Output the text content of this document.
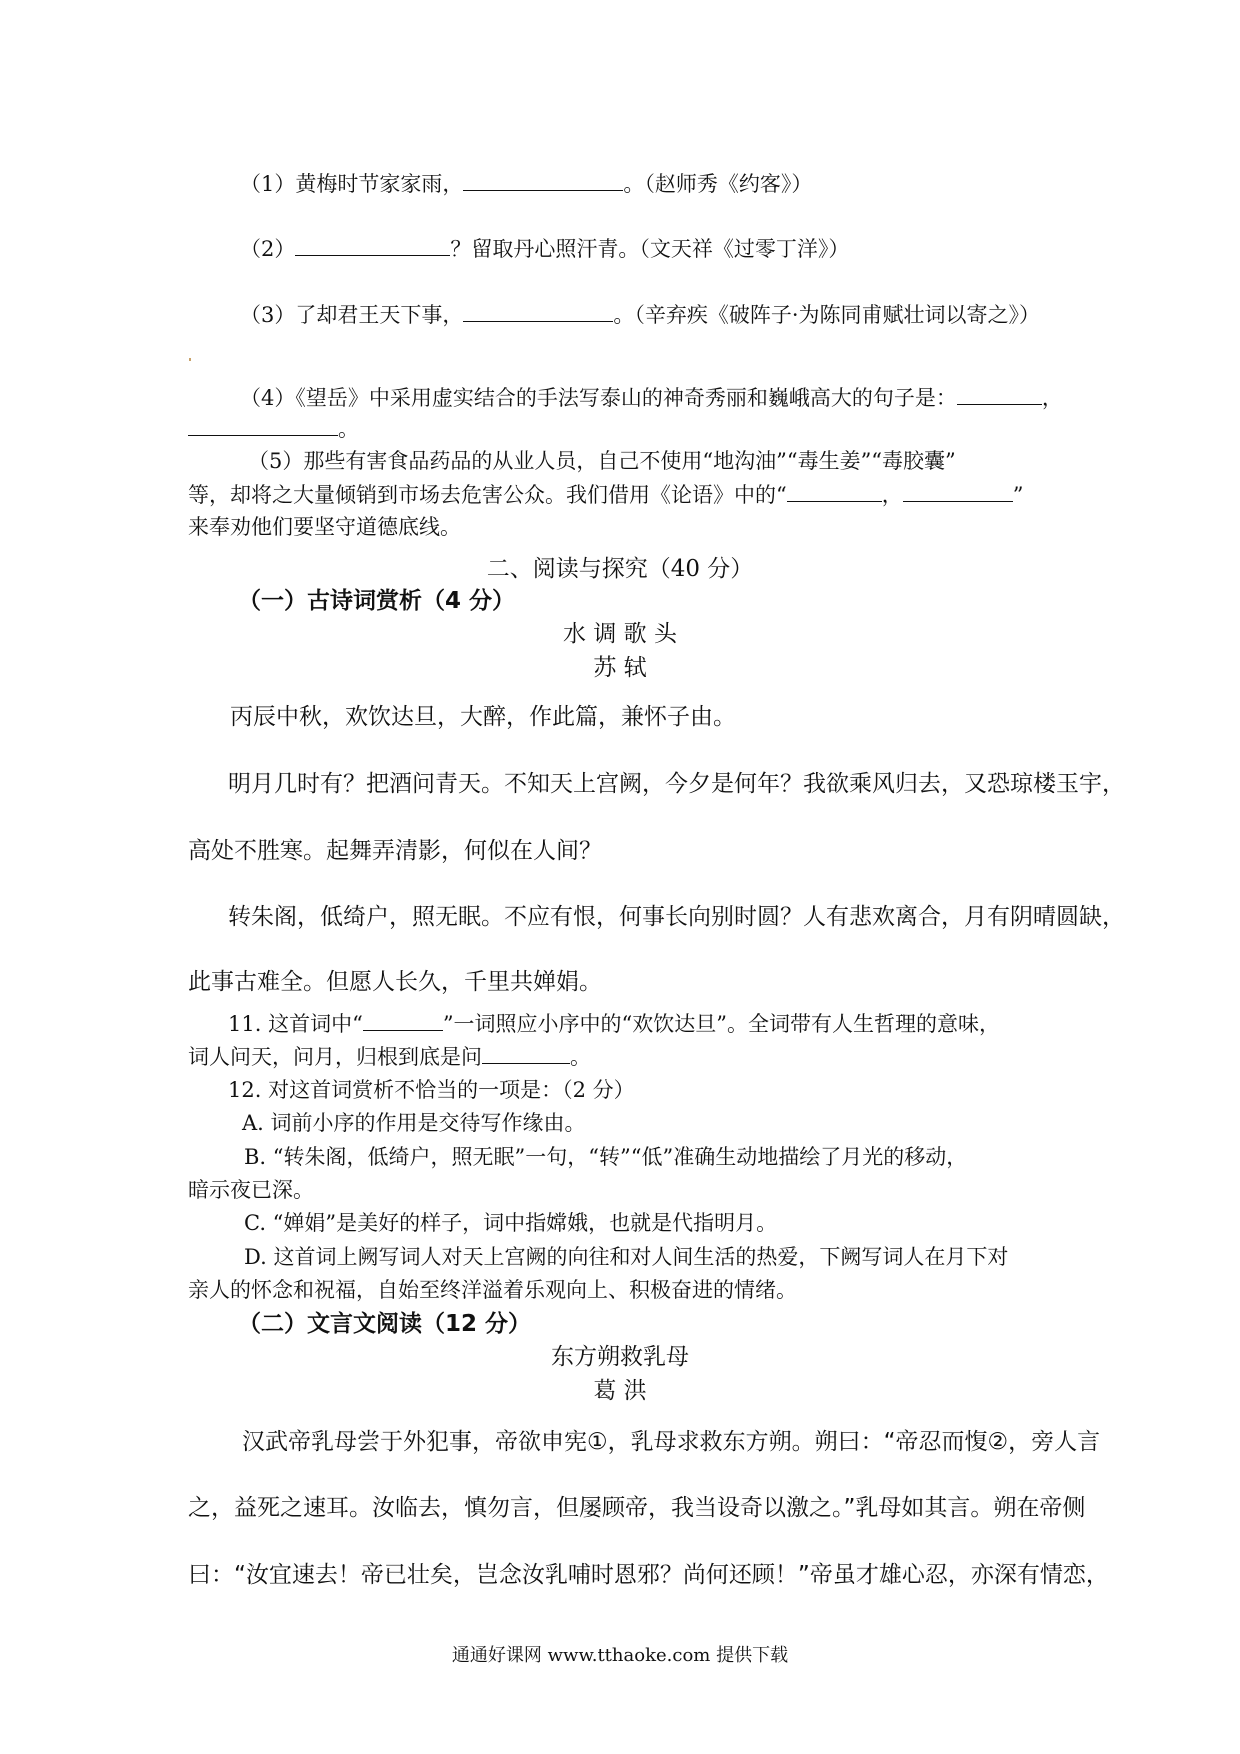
（1）黄梅时节家家雨，	。（赵师秀《约客》）
（2）	？留取丹心照汗青。（文天祥《过零丁洋》）
（3）了却君王天下事，	。（辛弃疾《破阵子·为陈同甫赋壮词以寄之》）
（4）《望岳》中采用虚实结合的手法写泰山的神奇秀丽和巍峨高大的句子是：	，
。
（5）那些有害食品药品的从业人员，自己不使用“地沟油”“毒生姜”“毒胶囊”
等，却将之大量倾销到市场去危害公众。我们借用《论语》中的“	，	”
来奉劝他们要坚守道德底线。
二、阅读与探究（40 分）
（一）古诗词赏析（4 分）
水 调 歌 头
苏 轼
丙辰中秋，欢饮达旦，大醉，作此篇，兼怀子由。
明月几时有？把酒问青天。不知天上宫阙，今夕是何年？我欲乘风归去，又恐琼楼玉宇，
高处不胜寒。起舞弄清影，何似在人间？
转朱阁，低绮户，照无眠。不应有恨，何事长向别时圆？人有悲欢离合，月有阴晴圆缺，
此事古难全。但愿人长久，千里共婵娟。
11. 这首词中“	”一词照应小序中的“欢饮达旦”。全词带有人生哲理的意味，
词人问天，问月，归根到底是问	。
12. 对这首词赏析不恰当的一项是：（2 分）
A. 词前小序的作用是交待写作缘由。
B. “转朱阁，低绮户，照无眠”一句，“转”“低”准确生动地描绘了月光的移动，
暗示夜已深。
C. “婵娟”是美好的样子，词中指嫦娥，也就是代指明月。
D. 这首词上阙写词人对天上宫阙的向往和对人间生活的热爱，下阙写词人在月下对
亲人的怀念和祝福，自始至终洋溢着乐观向上、积极奋进的情绪。
（二）文言文阅读（12 分）
东方朔救乳母
葛 洪
汉武帝乳母尝于外犯事，帝欲申宪①，乳母求救东方朔。朔曰：“帝忍而愎②，旁人言
之，益死之速耳。汝临去，慎勿言，但屡顾帝，我当设奇以激之。”乳母如其言。朔在帝侧
曰：“汝宜速去！帝已壮矣，岂念汝乳哺时恩邪？尚何还顾！”帝虽才雄心忍，亦深有情恋，
通通好课网 www.tthaoke.com 提供下载
